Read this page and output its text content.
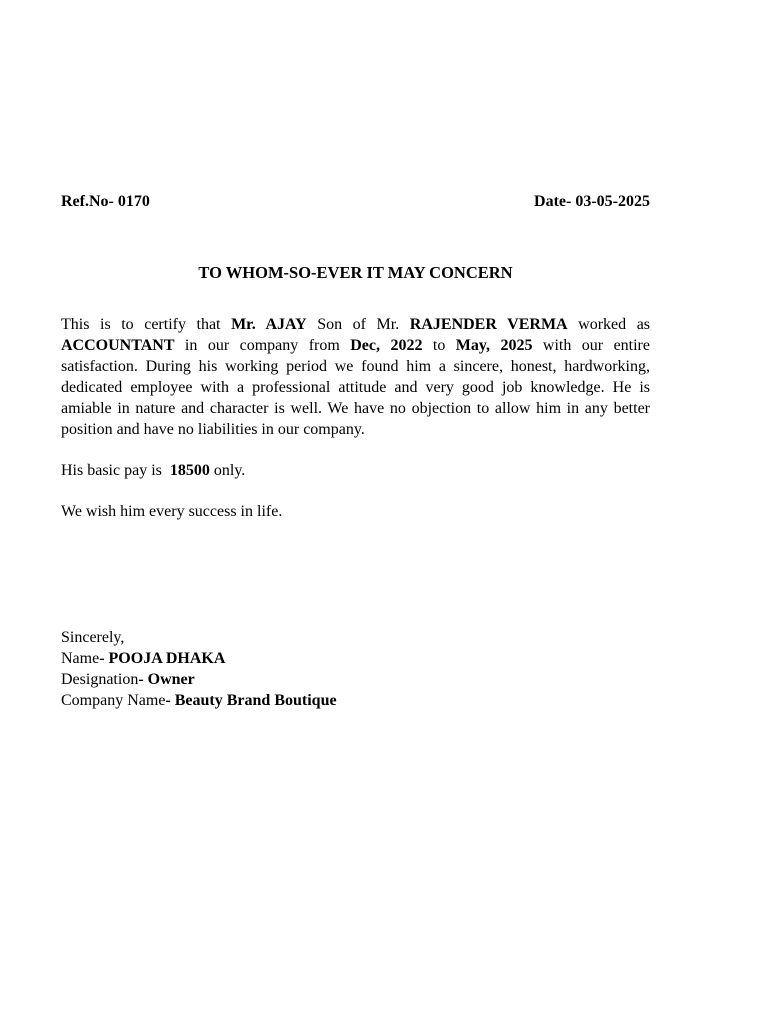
Ref.No- 0170	Date- 03-05-2025
TO WHOM-SO-EVER IT MAY CONCERN
This is to certify that Mr. AJAY Son of Mr. RAJENDER VERMA worked as ACCOUNTANT in our company from Dec, 2022 to May, 2025 with our entire satisfaction. During his working period we found him a sincere, honest, hardworking, dedicated employee with a professional attitude and very good job knowledge. He is amiable in nature and character is well. We have no objection to allow him in any better position and have no liabilities in our company.
His basic pay is  18500 only.
We wish him every success in life.
Sincerely,
Name- POOJA DHAKA
Designation- Owner
Company Name- Beauty Brand Boutique
